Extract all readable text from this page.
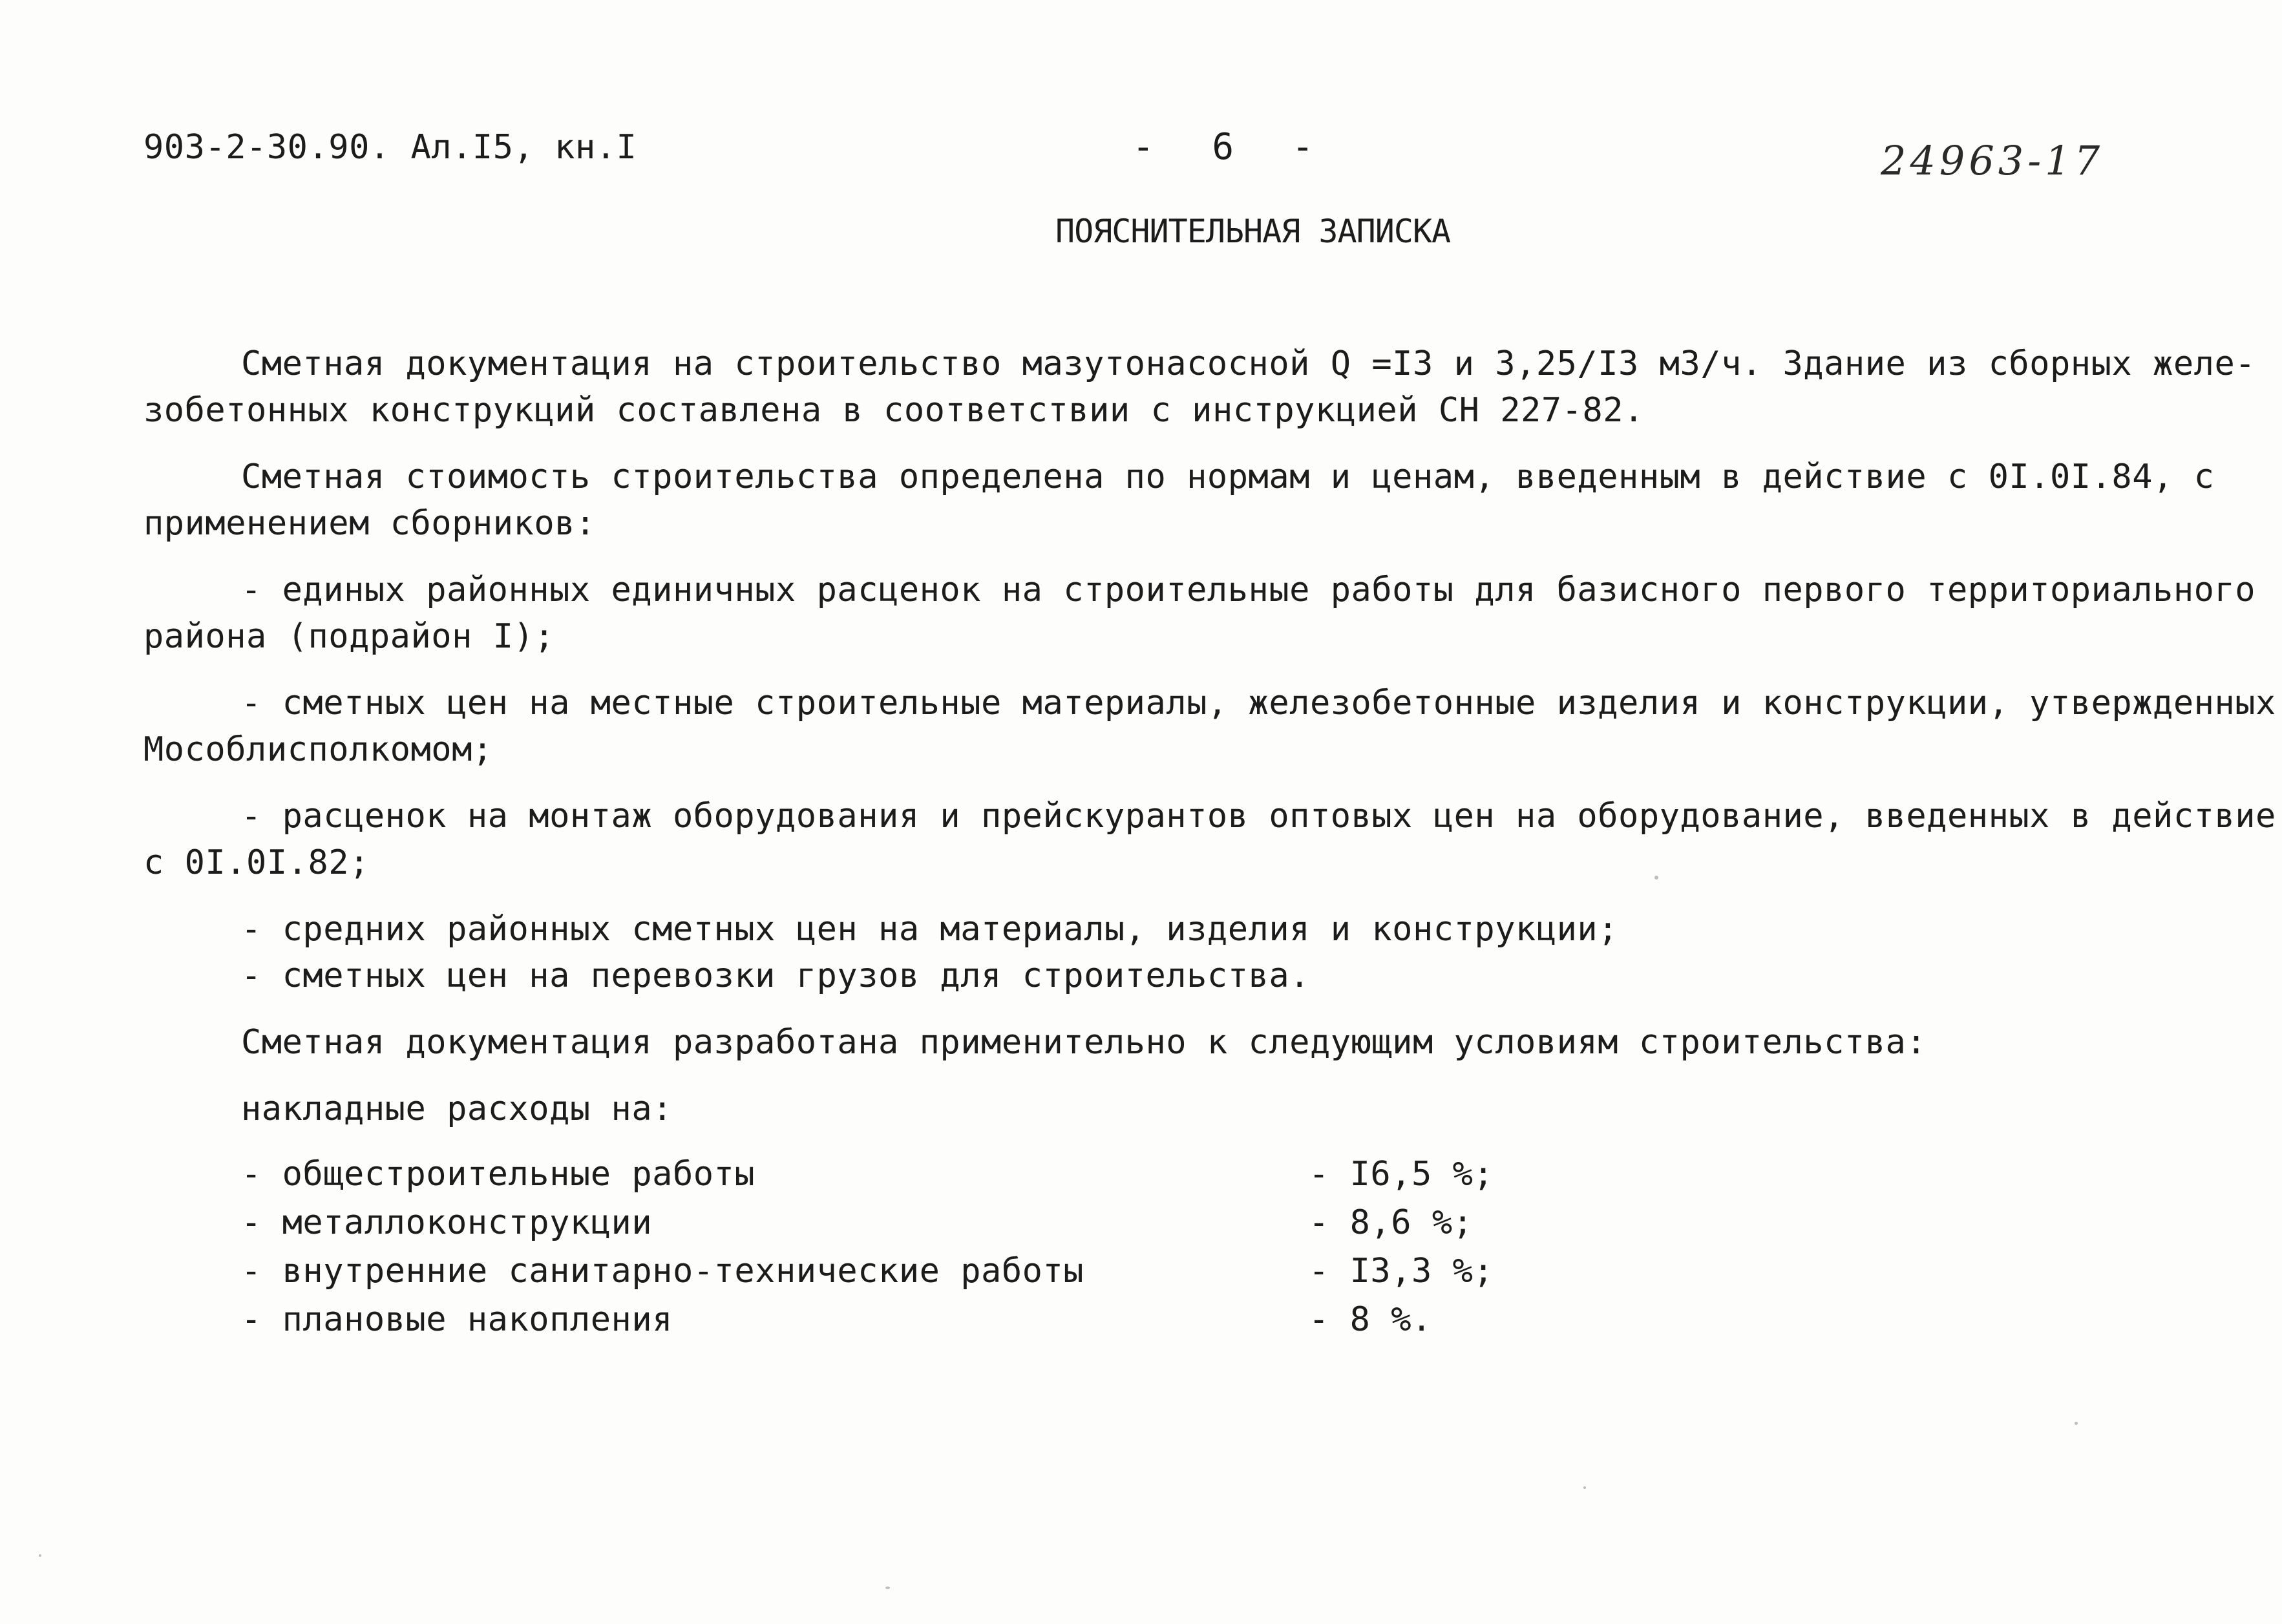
903-2-30.90. Ал.I5, кн.I	- 6 -	24963-17
ПОЯСНИТЕЛЬНАЯ ЗАПИСКА
Сметная документация на строительство мазутонасосной Q =I3 и 3,25/I3 м3/ч. Здание из сборных желе-
зобетонных конструкций составлена в соответствии с инструкцией СН 227-82.
Сметная стоимость строительства определена по нормам и ценам, введенным в действие с 0I.0I.84, с
применением сборников:
- единых районных единичных расценок на строительные работы для базисного первого территориального
района (подрайон I);
- сметных цен на местные строительные материалы, железобетонные изделия и конструкции, утвержденных
Мособлисполкомом;
- расценок на монтаж оборудования и прейскурантов оптовых цен на оборудование, введенных в действие
с 0I.0I.82;
- средних районных сметных цен на материалы, изделия и конструкции;
- сметных цен на перевозки грузов для строительства.
Сметная документация разработана применительно к следующим условиям строительства:
накладные расходы на:
- общестроительные работы	- I6,5 %;
- металлоконструкции	- 8,6 %;
- внутренние санитарно-технические работы	- I3,3 %;
- плановые накопления	- 8 %.
